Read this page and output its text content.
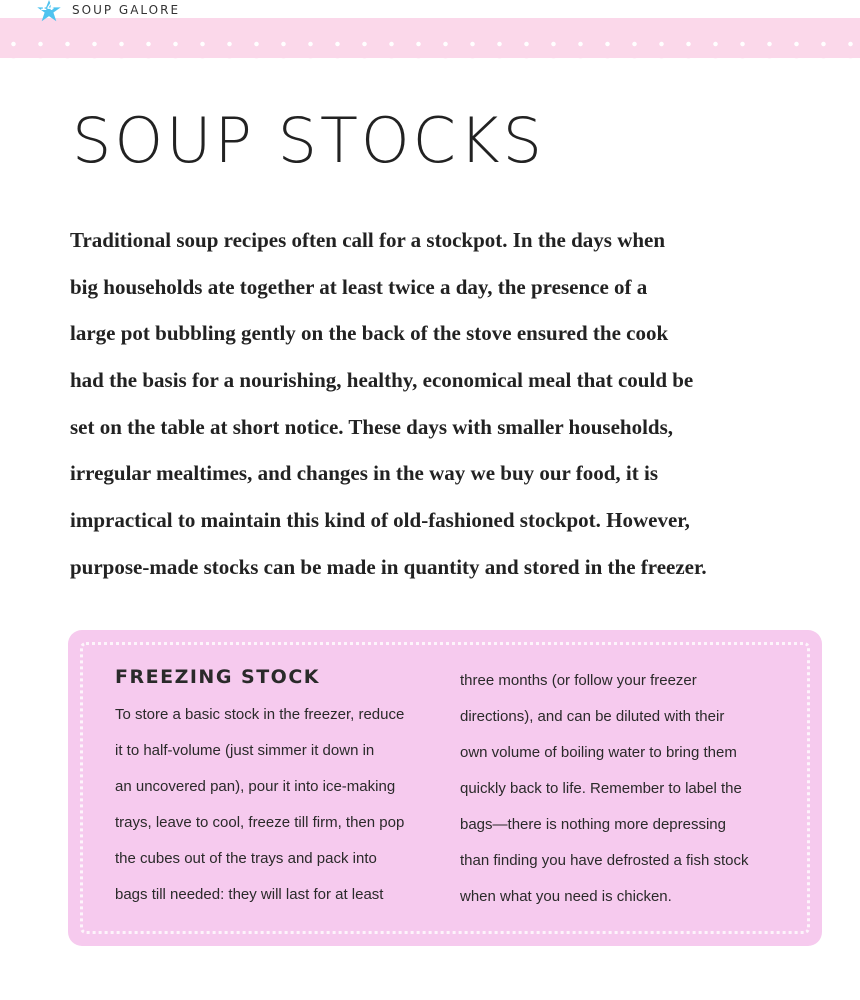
14 SOUP GALORE
SOUP STOCKS
Traditional soup recipes often call for a stockpot. In the days when
big households ate together at least twice a day, the presence of a
large pot bubbling gently on the back of the stove ensured the cook
had the basis for a nourishing, healthy, economical meal that could be
set on the table at short notice. These days with smaller households,
irregular mealtimes, and changes in the way we buy our food, it is
impractical to maintain this kind of old-fashioned stockpot. However,
purpose-made stocks can be made in quantity and stored in the freezer.
FREEZING STOCK
To store a basic stock in the freezer, reduce
it to half-volume (just simmer it down in
an uncovered pan), pour it into ice-making
trays, leave to cool, freeze till firm, then pop
the cubes out of the trays and pack into
bags till needed: they will last for at least
three months (or follow your freezer
directions), and can be diluted with their
own volume of boiling water to bring them
quickly back to life. Remember to label the
bags—there is nothing more depressing
than finding you have defrosted a fish stock
when what you need is chicken.
